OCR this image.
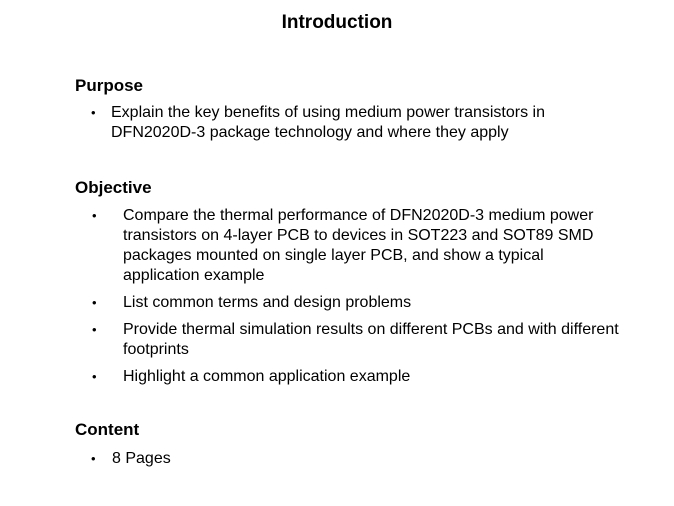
Introduction
Purpose
• Explain the key benefits of using medium power transistors in DFN2020D-3 package technology and where they apply
Objective
• Compare the thermal performance of DFN2020D-3 medium power transistors on 4-layer PCB to devices in SOT223 and SOT89 SMD packages mounted on single layer PCB, and show a typical application example
• List common terms and design problems
• Provide thermal simulation results on different PCBs and with different footprints
• Highlight a common application example
Content
• 8 Pages
